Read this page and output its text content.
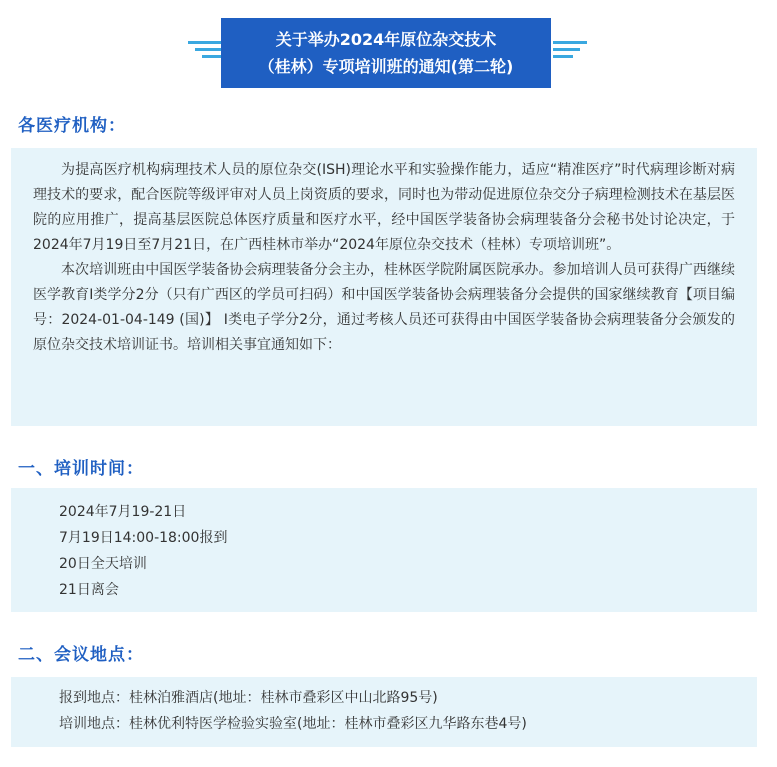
关于举办2024年原位杂交技术
（桂林）专项培训班的通知(第二轮)
各医疗机构：

为提高医疗机构病理技术人员的原位杂交(ISH)理论水平和实验操作能力，适应“精准医疗”时代病理诊断对病理技术的要求，配合医院等级评审对人员上岗资质的要求，同时也为带动促进原位杂交分子病理检测技术在基层医院的应用推广，提高基层医院总体医疗质量和医疗水平，经中国医学装备协会病理装备分会秘书处讨论决定，于2024年7月19日至7月21日，在广西桂林市举办“2024年原位杂交技术（桂林）专项培训班”。

本次培训班由中国医学装备协会病理装备分会主办，桂林医学院附属医院承办。参加培训人员可获得广西继续医学教育I类学分2分（只有广西区的学员可扫码）和中国医学装备协会病理装备分会提供的国家继续教育【项目编号：2024-01-04-149 (国)】 I类电子学分2分，通过考核人员还可获得由中国医学装备协会病理装备分会颁发的原位杂交技术培训证书。培训相关事宜通知如下：

一、培训时间：
2024年7月19-21日
7月19日14:00-18:00报到
20日全天培训
21日离会
二、会议地点：
报到地点：桂林泊雅酒店(地址：桂林市叠彩区中山北路95号)
培训地点：桂林优利特医学检验实验室(地址：桂林市叠彩区九华路东巷4号)
